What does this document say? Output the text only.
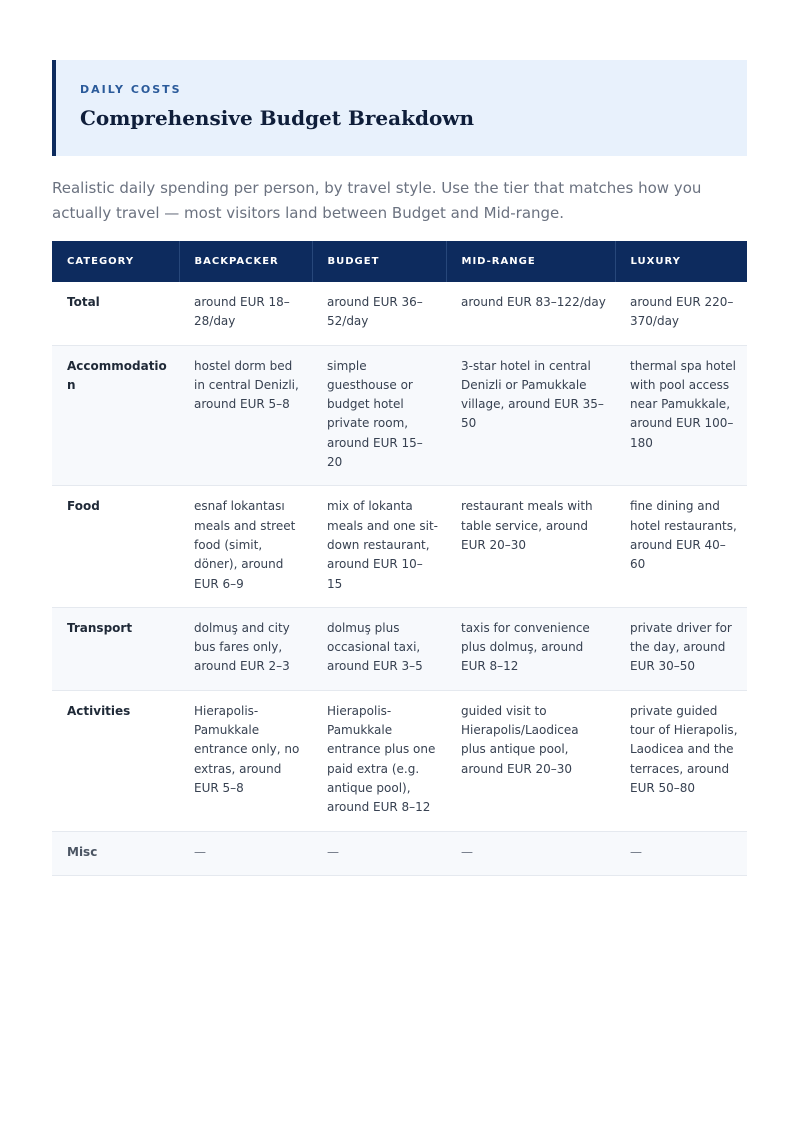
DAILY COSTS
Comprehensive Budget Breakdown
Realistic daily spending per person, by travel style. Use the tier that matches how you actually travel — most visitors land between Budget and Mid-range.
CATEGORY	BACKPACKER	BUDGET	MID-RANGE	LUXURY
Total	around EUR 18–28/day	around EUR 36–52/day	around EUR 83–122/day	around EUR 220–370/day
Accommodation	hostel dorm bed in central Denizli, around EUR 5–8	simple guesthouse or budget hotel private room, around EUR 15–20	3-star hotel in central Denizli or Pamukkale village, around EUR 35–50	thermal spa hotel with pool access near Pamukkale, around EUR 100–180
Food	esnaf lokantası meals and street food (simit, döner), around EUR 6–9	mix of lokanta meals and one sit-down restaurant, around EUR 10–15	restaurant meals with table service, around EUR 20–30	fine dining and hotel restaurants, around EUR 40–60
Transport	dolmuş and city bus fares only, around EUR 2–3	dolmuş plus occasional taxi, around EUR 3–5	taxis for convenience plus dolmuş, around EUR 8–12	private driver for the day, around EUR 30–50
Activities	Hierapolis-Pamukkale entrance only, no extras, around EUR 5–8	Hierapolis-Pamukkale entrance plus one paid extra (e.g. antique pool), around EUR 8–12	guided visit to Hierapolis/Laodicea plus antique pool, around EUR 20–30	private guided tour of Hierapolis, Laodicea and the terraces, around EUR 50–80
Misc	—	—	—	—
